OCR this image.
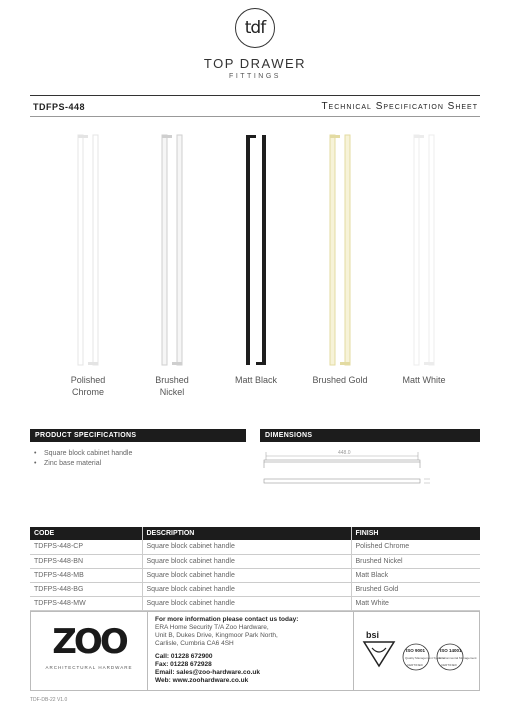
tdf
TOP DRAWER
FITTINGS
TDFPS-448	Technical Specification Sheet
Polished
Chrome
Brushed
Nickel
Matt Black	Brushed Gold	Matt White
PRODUCT SPECIFICATIONS
• Square block cabinet handle
• Zinc base material
DIMENSIONS
448.0
CODE	DESCRIPTION	FINISH
TDFPS-448-CP	Square block cabinet handle	Polished Chrome
TDFPS-448-BN	Square block cabinet handle	Brushed Nickel
TDFPS-448-MB	Square block cabinet handle	Matt Black
TDFPS-448-BG	Square block cabinet handle	Brushed Gold
TDFPS-448-MW	Square block cabinet handle	Matt White
ZOO
ARCHITECTURAL HARDWARE
For more information please contact us today:
ERA Home Security T/A Zoo Hardware,
Unit B, Dukes Drive, Kingmoor Park North,
Carlisle, Cumbria CA6 4SH
Call: 01228 672900
Fax: 01228 672928
Email: sales@zoo-hardware.co.uk
Web: www.zoohardware.co.uk
bsi
ISO 9001
Quality Management Systems
CERTIFIED
ISO 14001
Environmental Management
CERTIFIED
TDF-DB-22 V1.0
